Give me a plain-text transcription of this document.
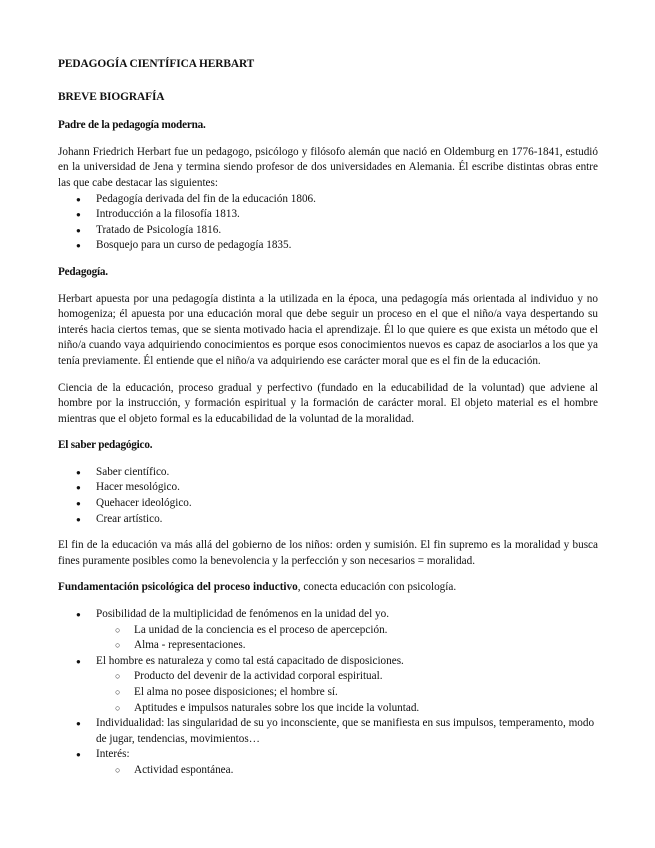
PEDAGOGÍA CIENTÍFICA HERBART
BREVE BIOGRAFÍA
Padre de la pedagogía moderna.

Johann Friedrich Herbart fue un pedagogo, psicólogo y filósofo alemán que nació en Oldemburg en 1776-1841, estudió en la universidad de Jena y termina siendo profesor de dos universidades en Alemania. Él escribe distintas obras entre las que cabe destacar las siguientes:

● Pedagogía derivada del fin de la educación 1806.
● Introducción a la filosofía 1813.
● Tratado de Psicología 1816.
● Bosquejo para un curso de pedagogía 1835.
Pedagogía.

Herbart apuesta por una pedagogía distinta a la utilizada en la época, una pedagogía más orientada al individuo y no homogeniza; él apuesta por una educación moral que debe seguir un proceso en el que el niño/a vaya despertando su interés hacia ciertos temas, que se sienta motivado hacia el aprendizaje. Él lo que quiere es que exista un método que el niño/a cuando vaya adquiriendo conocimientos es porque esos conocimientos nuevos es capaz de asociarlos a los que ya tenía previamente. Él entiende que el niño/a va adquiriendo ese carácter moral que es el fin de la educación.

Ciencia de la educación, proceso gradual y perfectivo (fundado en la educabilidad de la voluntad) que adviene al hombre por la instrucción, y formación espiritual y la formación de carácter moral. El objeto material es el hombre mientras que el objeto formal es la educabilidad de la voluntad de la moralidad.

El saber pedagógico.
● Saber científico.
● Hacer mesológico.
● Quehacer ideológico.
● Crear artístico.

El fin de la educación va más allá del gobierno de los niños: orden y sumisión. El fin supremo es la moralidad y busca fines puramente posibles como la benevolencia y la perfección y son necesarios = moralidad.

Fundamentación psicológica del proceso inductivo, conecta educación con psicología.

● Posibilidad de la multiplicidad de fenómenos en la unidad del yo.
○ La unidad de la conciencia es el proceso de apercepción.
○ Alma - representaciones.
● El hombre es naturaleza y como tal está capacitado de disposiciones.
○ Producto del devenir de la actividad corporal espiritual.
○ El alma no posee disposiciones; el hombre sí.
○ Aptitudes e impulsos naturales sobre los que incide la voluntad.
● Individualidad: las singularidad de su yo inconsciente, que se manifiesta en sus impulsos, temperamento, modo de jugar, tendencias, movimientos…
● Interés:
○ Actividad espontánea.
